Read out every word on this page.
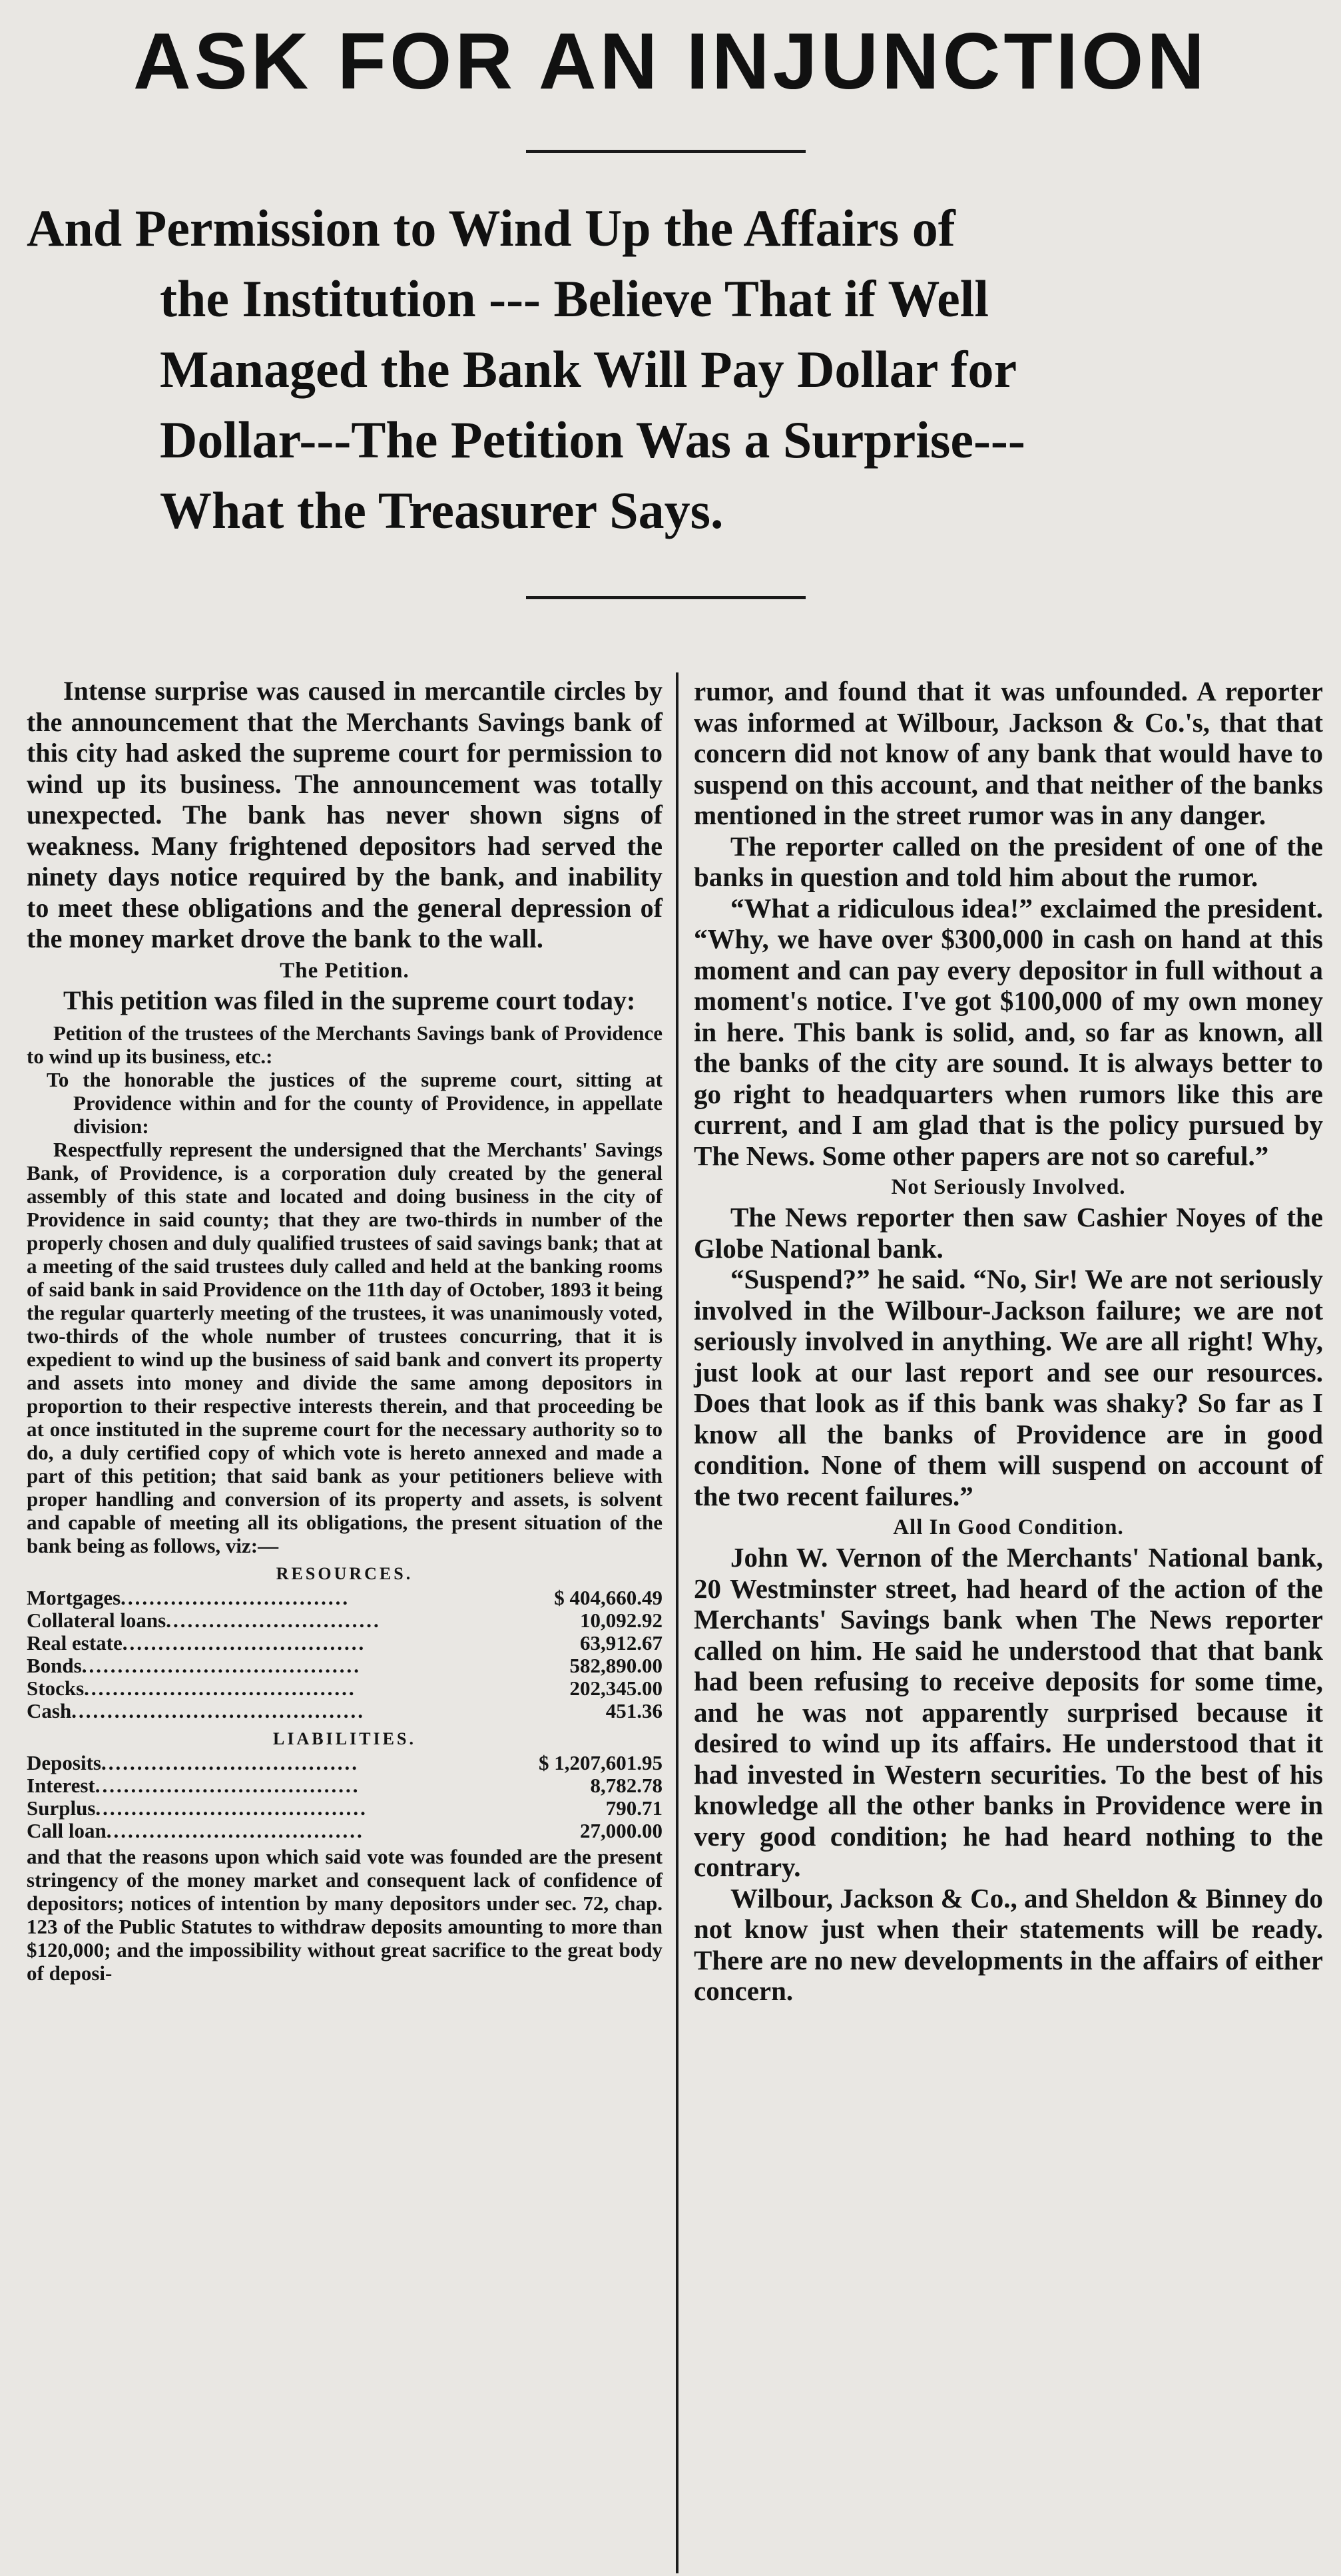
ASK FOR AN INJUNCTION
And Permission to Wind Up the Affairs of
the Institution --- Believe That if Well
Managed the Bank Will Pay Dollar for
Dollar---The Petition Was a Surprise---
What the Treasurer Says.

Intense surprise was caused in mercantile circles by the announcement that the Merchants Savings bank of this city had asked the supreme court for permission to wind up its business. The announcement was totally unexpected. The bank has never shown signs of weakness. Many frightened depositors had served the ninety days notice required by the bank, and inability to meet these obligations and the general depression of the money market drove the bank to the wall.

The Petition.

This petition was filed in the supreme court today:

Petition of the trustees of the Merchants Savings bank of Providence to wind up its business, etc.:

To the honorable the justices of the supreme court, sitting at Providence within and for the county of Providence, in appellate division:

Respectfully represent the undersigned that the Merchants' Savings Bank, of Providence, is a corporation duly created by the general assembly of this state and located and doing business in the city of Providence in said county; that they are two-thirds in number of the properly chosen and duly qualified trustees of said savings bank; that at a meeting of the said trustees duly called and held at the banking rooms of said bank in said Providence on the 11th day of October, 1893 it being the regular quarterly meeting of the trustees, it was unanimously voted, two-thirds of the whole number of trustees concurring, that it is expedient to wind up the business of said bank and convert its property and assets into money and divide the same among depositors in proportion to their respective interests therein, and that proceeding be at once instituted in the supreme court for the necessary authority so to do, a duly certified copy of which vote is hereto annexed and made a part of this petition; that said bank as your petitioners believe with proper handling and conversion of its property and assets, is solvent and capable of meeting all its obligations, the present situation of the bank being as follows, viz:—

RESOURCES.

Mortgages................................	$ 404,660.49
Collateral loans..............................	10,092.92
Real estate..................................	63,912.67
Bonds.......................................	582,890.00
Stocks......................................	202,345.00
Cash.........................................	451.36

LIABILITIES.

Deposits....................................	$ 1,207,601.95
Interest.....................................	8,782.78
Surplus......................................	790.71
Call loan....................................	27,000.00

and that the reasons upon which said vote was founded are the present stringency of the money market and consequent lack of confidence of depositors; notices of intention by many depositors under sec. 72, chap. 123 of the Public Statutes to withdraw deposits amounting to more than $120,000; and the impossibility without great sacrifice to the great body of deposi-

rumor, and found that it was unfounded. A reporter was informed at Wilbour, Jackson & Co.'s, that that concern did not know of any bank that would have to suspend on this account, and that neither of the banks mentioned in the street rumor was in any danger.

The reporter called on the president of one of the banks in question and told him about the rumor.

“What a ridiculous idea!” exclaimed the president. “Why, we have over $300,000 in cash on hand at this moment and can pay every depositor in full without a moment's notice. I've got $100,000 of my own money in here. This bank is solid, and, so far as known, all the banks of the city are sound. It is always better to go right to headquarters when rumors like this are current, and I am glad that is the policy pursued by The News. Some other papers are not so careful.”

Not Seriously Involved.

The News reporter then saw Cashier Noyes of the Globe National bank.

“Suspend?” he said. “No, Sir! We are not seriously involved in the Wilbour-Jackson failure; we are not seriously involved in anything. We are all right! Why, just look at our last report and see our resources. Does that look as if this bank was shaky? So far as I know all the banks of Providence are in good condition. None of them will suspend on account of the two recent failures.”

All In Good Condition.

John W. Vernon of the Merchants' National bank, 20 Westminster street, had heard of the action of the Merchants' Savings bank when The News reporter called on him. He said he understood that that bank had been refusing to receive deposits for some time, and he was not apparently surprised because it desired to wind up its affairs. He understood that it had invested in Western securities. To the best of his knowledge all the other banks in Providence were in very good condition; he had heard nothing to the contrary.

Wilbour, Jackson & Co., and Sheldon & Binney do not know just when their statements will be ready. There are no new developments in the affairs of either concern.
